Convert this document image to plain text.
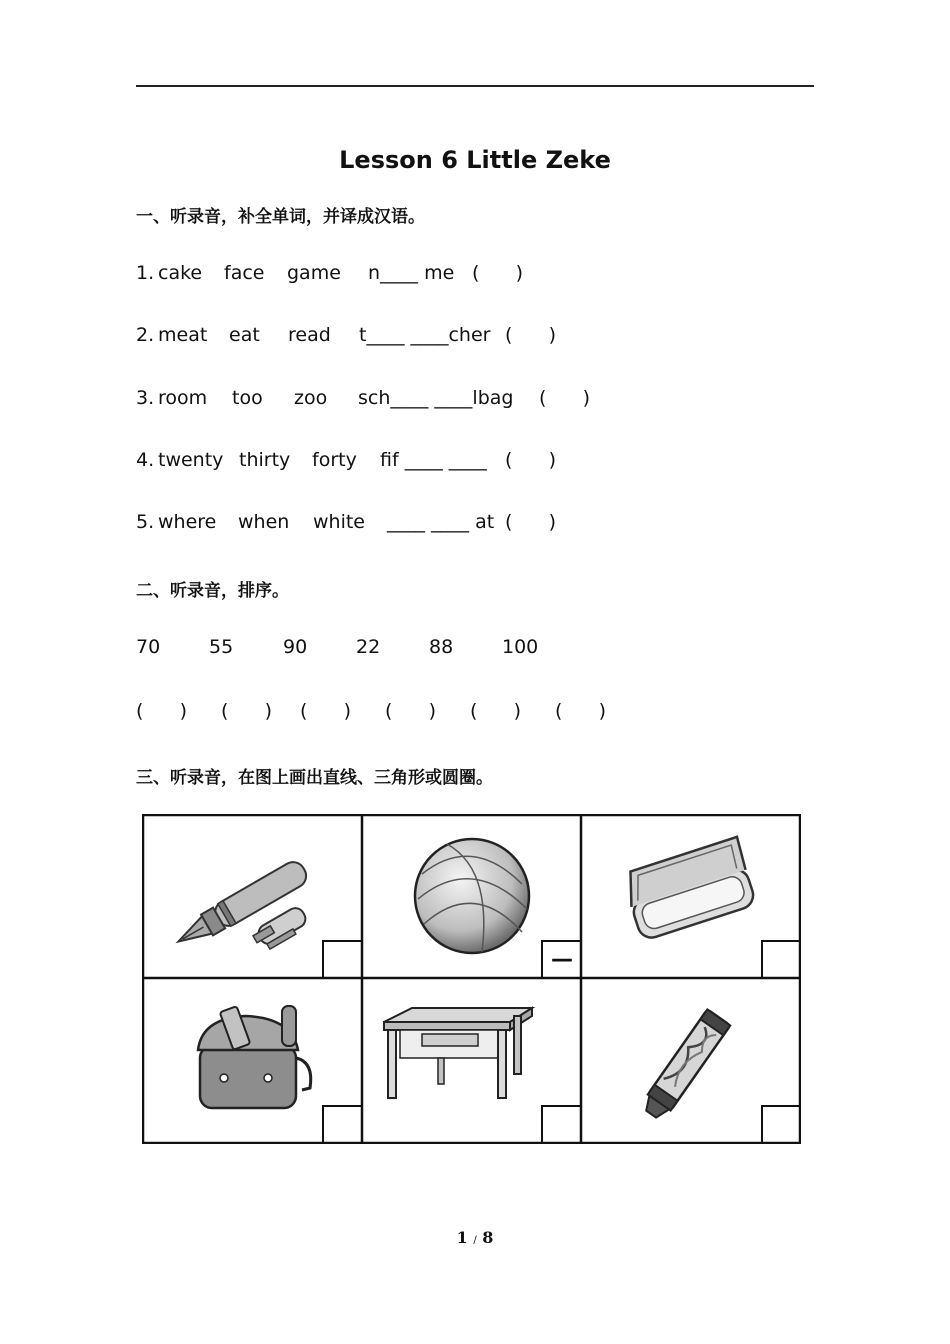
Lesson 6 Little Zeke
一、听录音，补全单词，并译成汉语。
1. cake face game n____ me (      )
2. meat eat read t____ ____cher (      )
3. room too zoo sch____ ____lbag (      )
4. twenty thirty forty fif ____ ____ (      )
5. where when white ____ ____ at (      )
二、听录音，排序。
70	55	90	22	88	100
(      ) (      ) (      ) (      ) (      ) (      )
三、听录音，在图上画出直线、三角形或圆圈。
—
1 / 8
